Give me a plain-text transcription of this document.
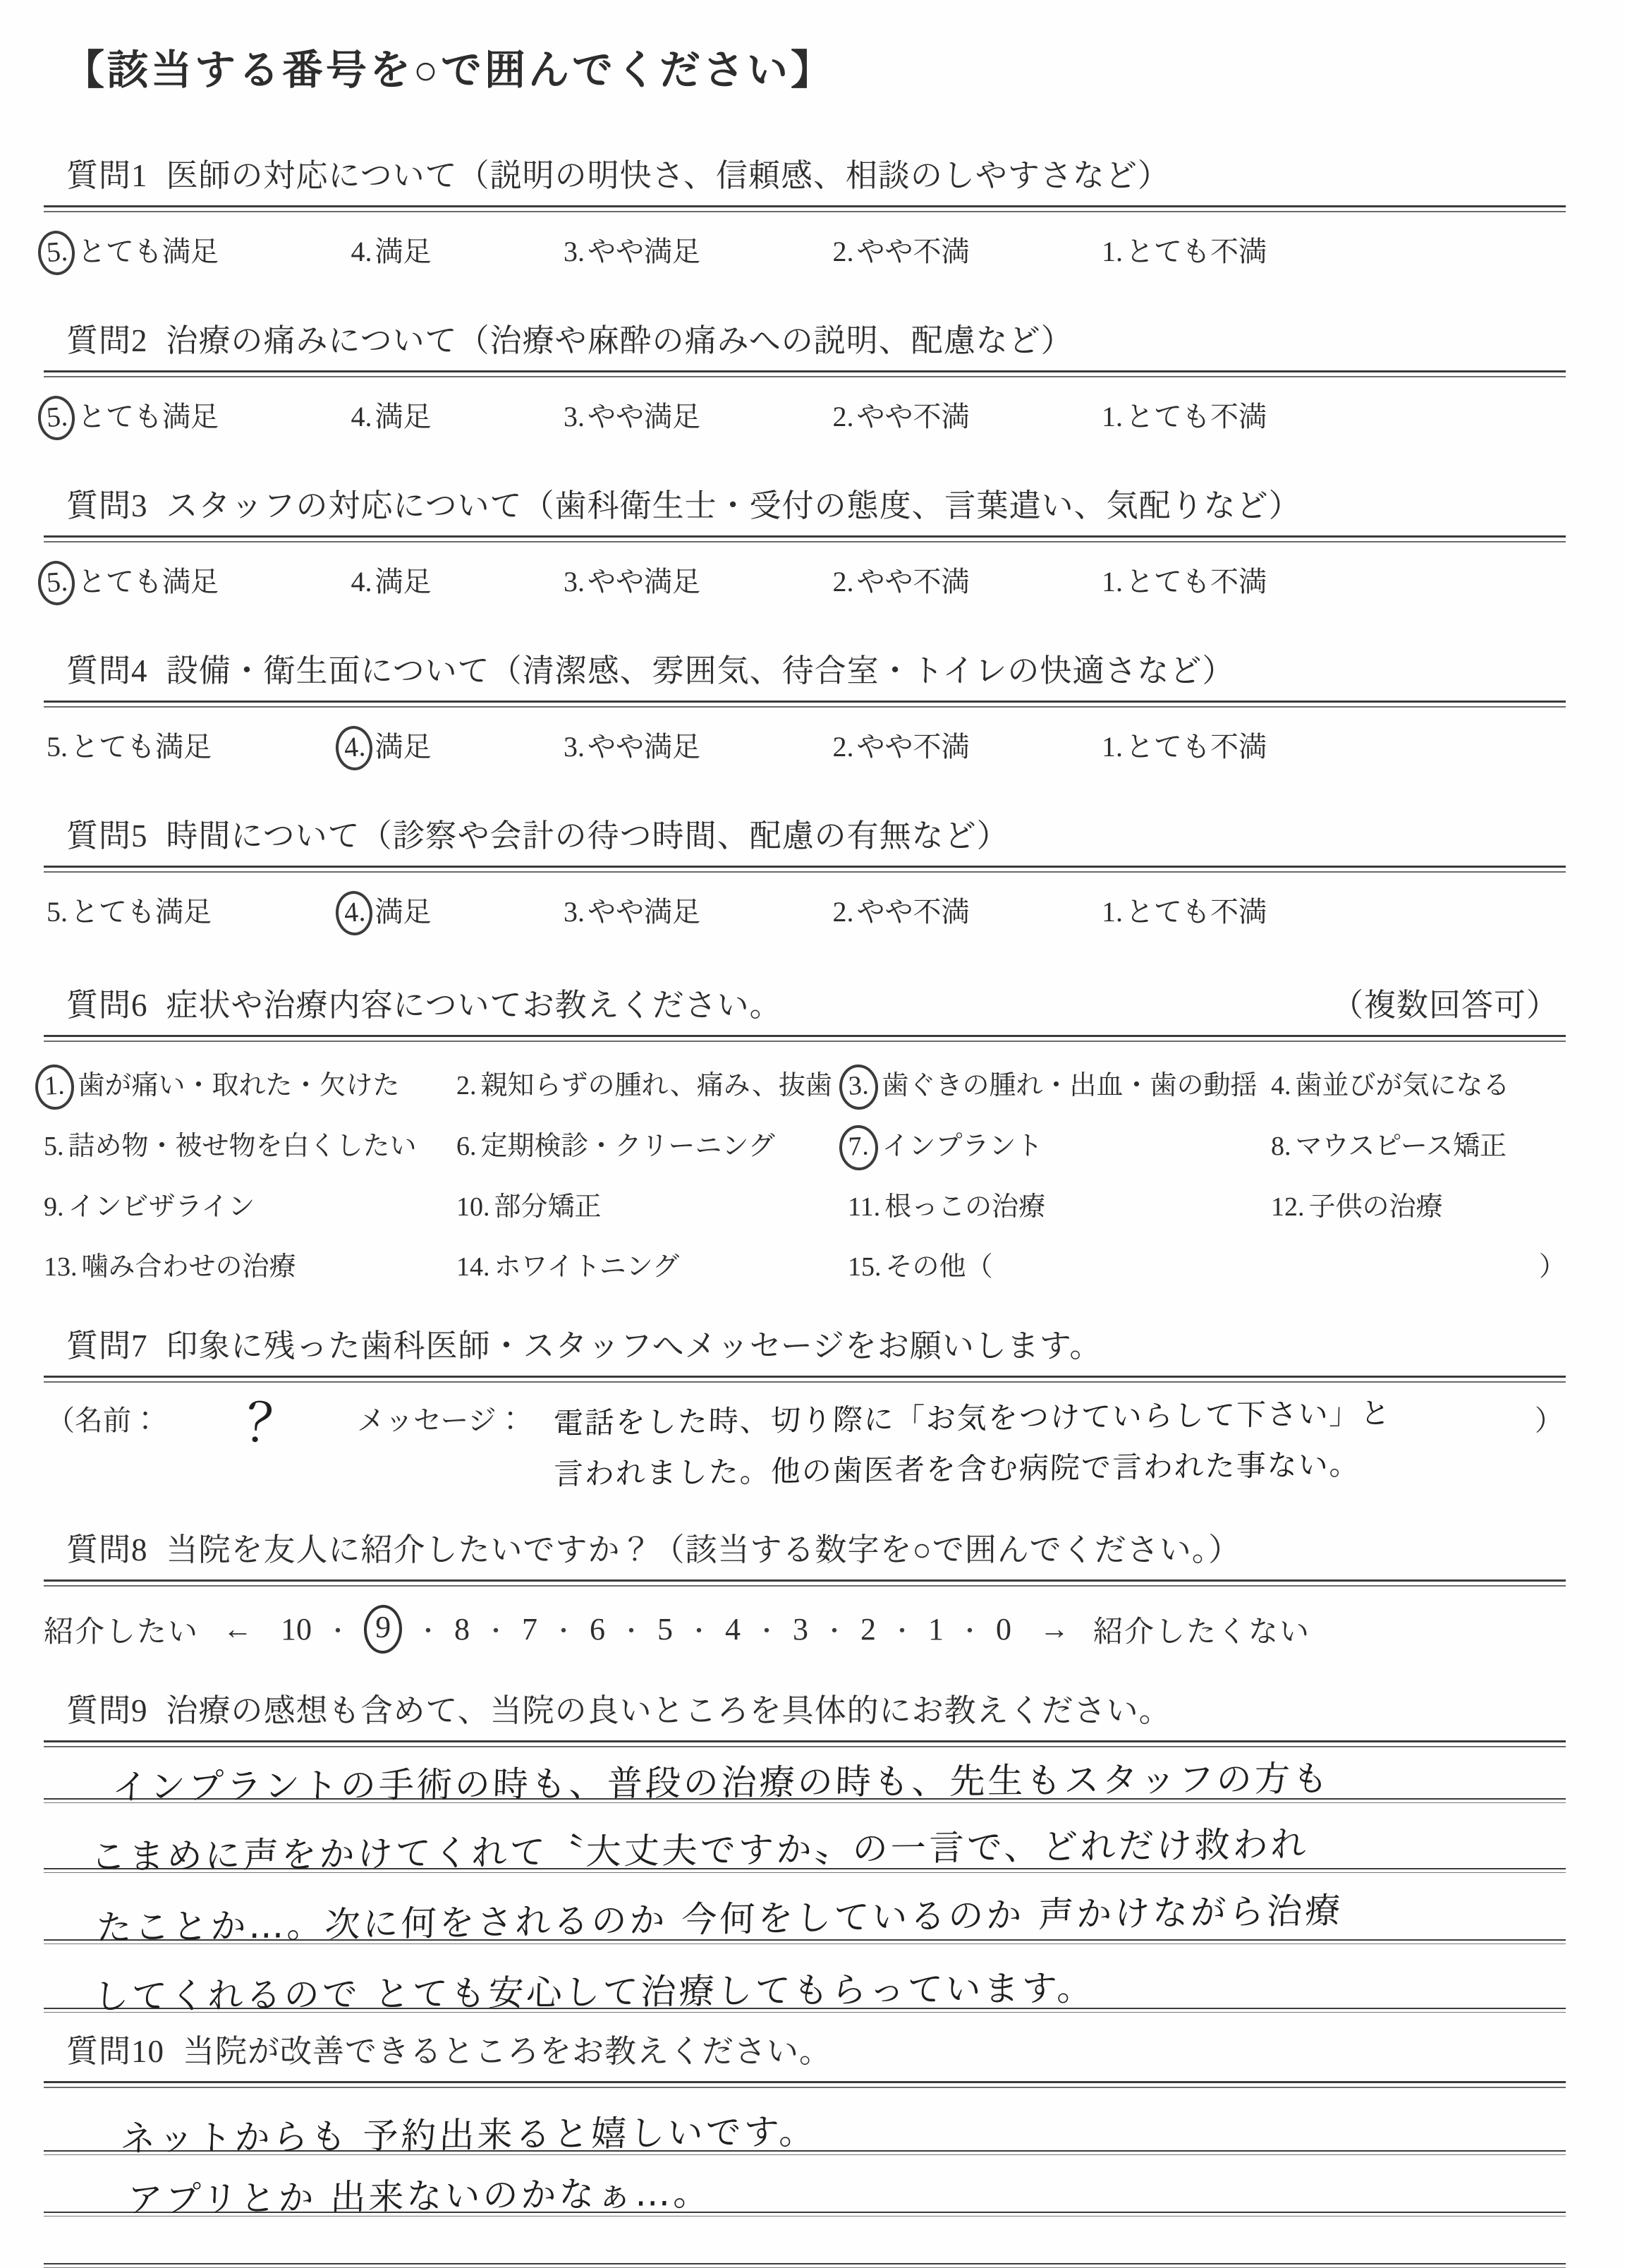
【該当する番号を○で囲んでください】
質問1 医師の対応について（説明の明快さ、信頼感、相談のしやすさなど）
5. とても満足	4. 満足	3. やや満足	2. やや不満	1. とても不満
質問2 治療の痛みについて（治療や麻酔の痛みへの説明、配慮など）
5. とても満足	4. 満足	3. やや満足	2. やや不満	1. とても不満
質問3 スタッフの対応について（歯科衛生士・受付の態度、言葉遣い、気配りなど）
5. とても満足	4. 満足	3. やや満足	2. やや不満	1. とても不満
質問4 設備・衛生面について（清潔感、雰囲気、待合室・トイレの快適さなど）
5. とても満足	4. 満足	3. やや満足	2. やや不満	1. とても不満
質問5 時間について（診察や会計の待つ時間、配慮の有無など）
5. とても満足	4. 満足	3. やや満足	2. やや不満	1. とても不満
質問6 症状や治療内容についてお教えください。	（複数回答可）
1. 歯が痛い・取れた・欠けた	2. 親知らずの腫れ、痛み、抜歯 3. 歯ぐきの腫れ・出血・歯の動揺 4. 歯並びが気になる
5. 詰め物・被せ物を白くしたい	6. 定期検診・クリーニング	7. インプラント	8. マウスピース矯正
9. インビザライン	10. 部分矯正	11. 根っこの治療	12. 子供の治療
13. 噛み合わせの治療	14. ホワイトニング	15. その他（	）
質問7 印象に残った歯科医師・スタッフへメッセージをお願いします。
（名前： ？ メッセージ： 電話をした時、切り際に「お気をつけていらして下さい」と
言われました。他の歯医者を含む病院で言われた事ない。
）
質問8 当院を友人に紹介したいですか？（該当する数字を○で囲んでください。）
紹介したい ← 10 ・ 9	・ 8 ・ 7 ・ 6 ・ 5 ・ 4 ・ 3 ・ 2 ・ 1 ・ 0 → 紹介したくない
質問9 治療の感想も含めて、当院の良いところを具体的にお教えください。
インプラントの手術の時も、普段の治療の時も、先生もスタッフの方も
こまめに声をかけてくれて〝大丈夫ですか〟の一言で、どれだけ救われ
たことか…。次に何をされるのか 今何をしているのか 声かけながら治療
してくれるので とても安心して治療してもらっています。
質問10 当院が改善できるところをお教えください。
ネットからも 予約出来ると嬉しいです。
アプリとか 出来ないのかなぁ…。
